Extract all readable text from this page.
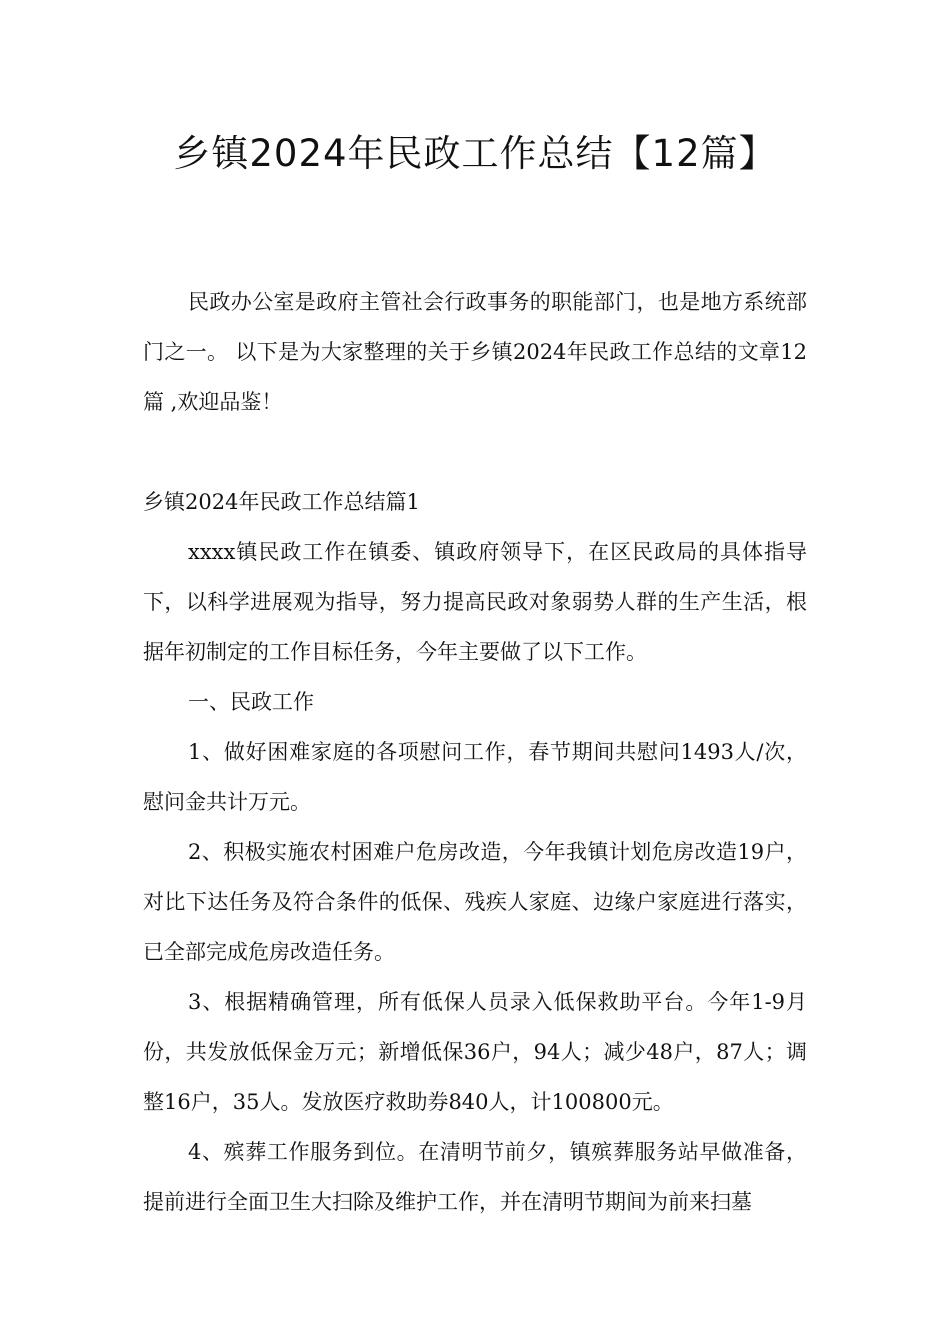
乡镇2024年民政工作总结【12篇】

民政办公室是政府主管社会行政事务的职能部门，也是地方系统部门之一。 以下是为大家整理的关于乡镇2024年民政工作总结的文章12篇 ,欢迎品鉴！

乡镇2024年民政工作总结篇1

xxxx镇民政工作在镇委、镇政府领导下，在区民政局的具体指导下，以科学进展观为指导，努力提高民政对象弱势人群的生产生活，根据年初制定的工作目标任务，今年主要做了以下工作。

一、民政工作

1、做好困难家庭的各项慰问工作，春节期间共慰问1493人/次，慰问金共计万元。

2、积极实施农村困难户危房改造，今年我镇计划危房改造19户，对比下达任务及符合条件的低保、残疾人家庭、边缘户家庭进行落实，已全部完成危房改造任务。

3、根据精确管理，所有低保人员录入低保救助平台。今年1-9月份，共发放低保金万元；新增低保36户，94人；减少48户，87人；调整16户，35人。发放医疗救助券840人，计100800元。

4、殡葬工作服务到位。在清明节前夕，镇殡葬服务站早做准备，提前进行全面卫生大扫除及维护工作，并在清明节期间为前来扫墓
